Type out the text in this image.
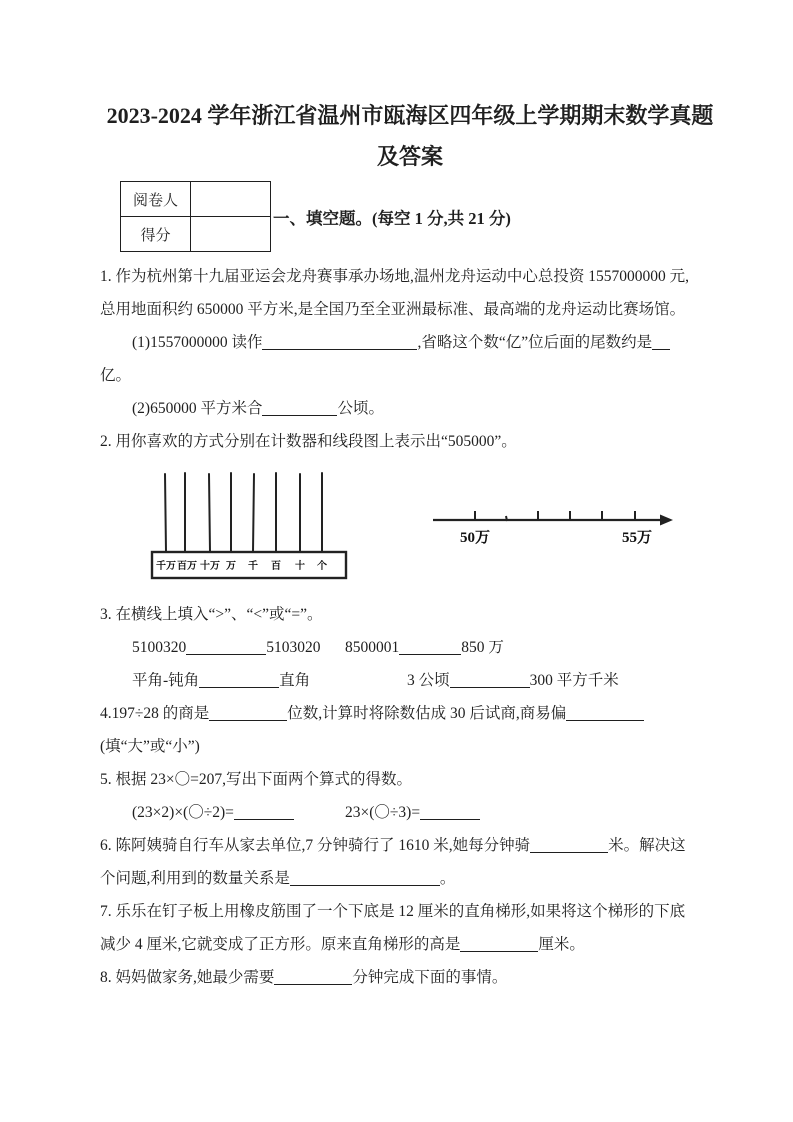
2023-2024 学年浙江省温州市瓯海区四年级上学期期末数学真题及答案
阅卷人	
得分	
一、填空题。(每空 1 分,共 21 分)

1. 作为杭州第十九届亚运会龙舟赛事承办场地,温州龙舟运动中心总投资 1557000000 元,总用地面积约 650000 平方米,是全国乃至全亚洲最标准、最高端的龙舟运动比赛场馆。

(1)1557000000 读作	,省略这个数“亿”位后面的尾数约是亿。

(2)650000 平方米合	公顷。

2. 用你喜欢的方式分别在计数器和线段图上表示出“505000”。

千万 百万 十万 万 千 百 十 个
50万	55万

3. 在横线上填入“>”、“<”或“=”。

5100320	5103020	8500001	850 万
平角-钝角	直角	3 公顷	300 平方千米

4.197÷28 的商是	位数,计算时将除数估成 30 后试商,商易偏(填“大”或“小”)

5. 根据 23×〇=207,写出下面两个算式的得数。

(23×2)×(〇÷2)=	23×(〇÷3)=

6. 陈阿姨骑自行车从家去单位,7 分钟骑行了 1610 米,她每分钟骑	米。解决这个问题,利用到的数量关系是	。

7. 乐乐在钉子板上用橡皮筋围了一个下底是 12 厘米的直角梯形,如果将这个梯形的下底减少 4 厘米,它就变成了正方形。原来直角梯形的高是	厘米。

8. 妈妈做家务,她最少需要	分钟完成下面的事情。
